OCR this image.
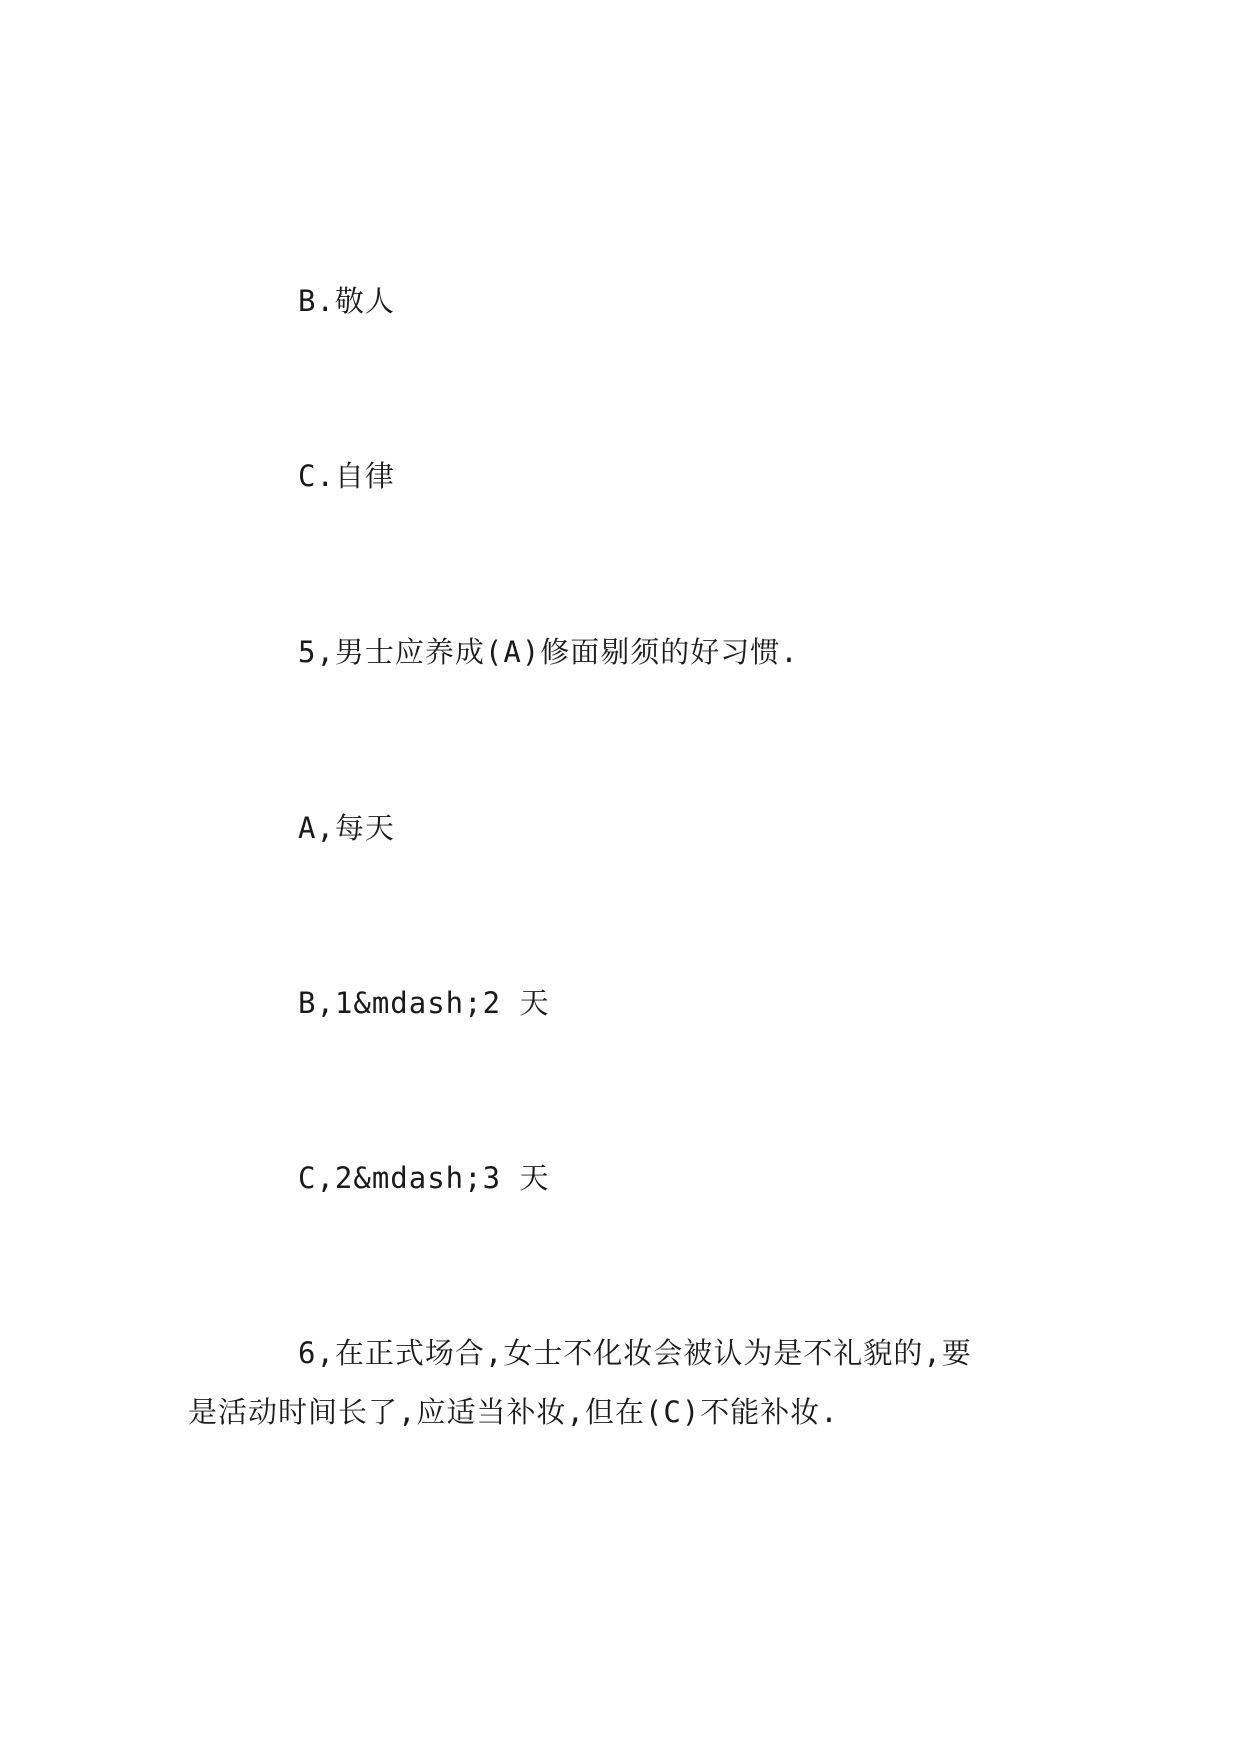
B.敬人
C.自律
5,男士应养成(A)修面剔须的好习惯.
A,每天
B,1&mdash;2 天
C,2&mdash;3 天
6,在正式场合,女士不化妆会被认为是不礼貌的,要
是活动时间长了,应适当补妆,但在(C)不能补妆.
